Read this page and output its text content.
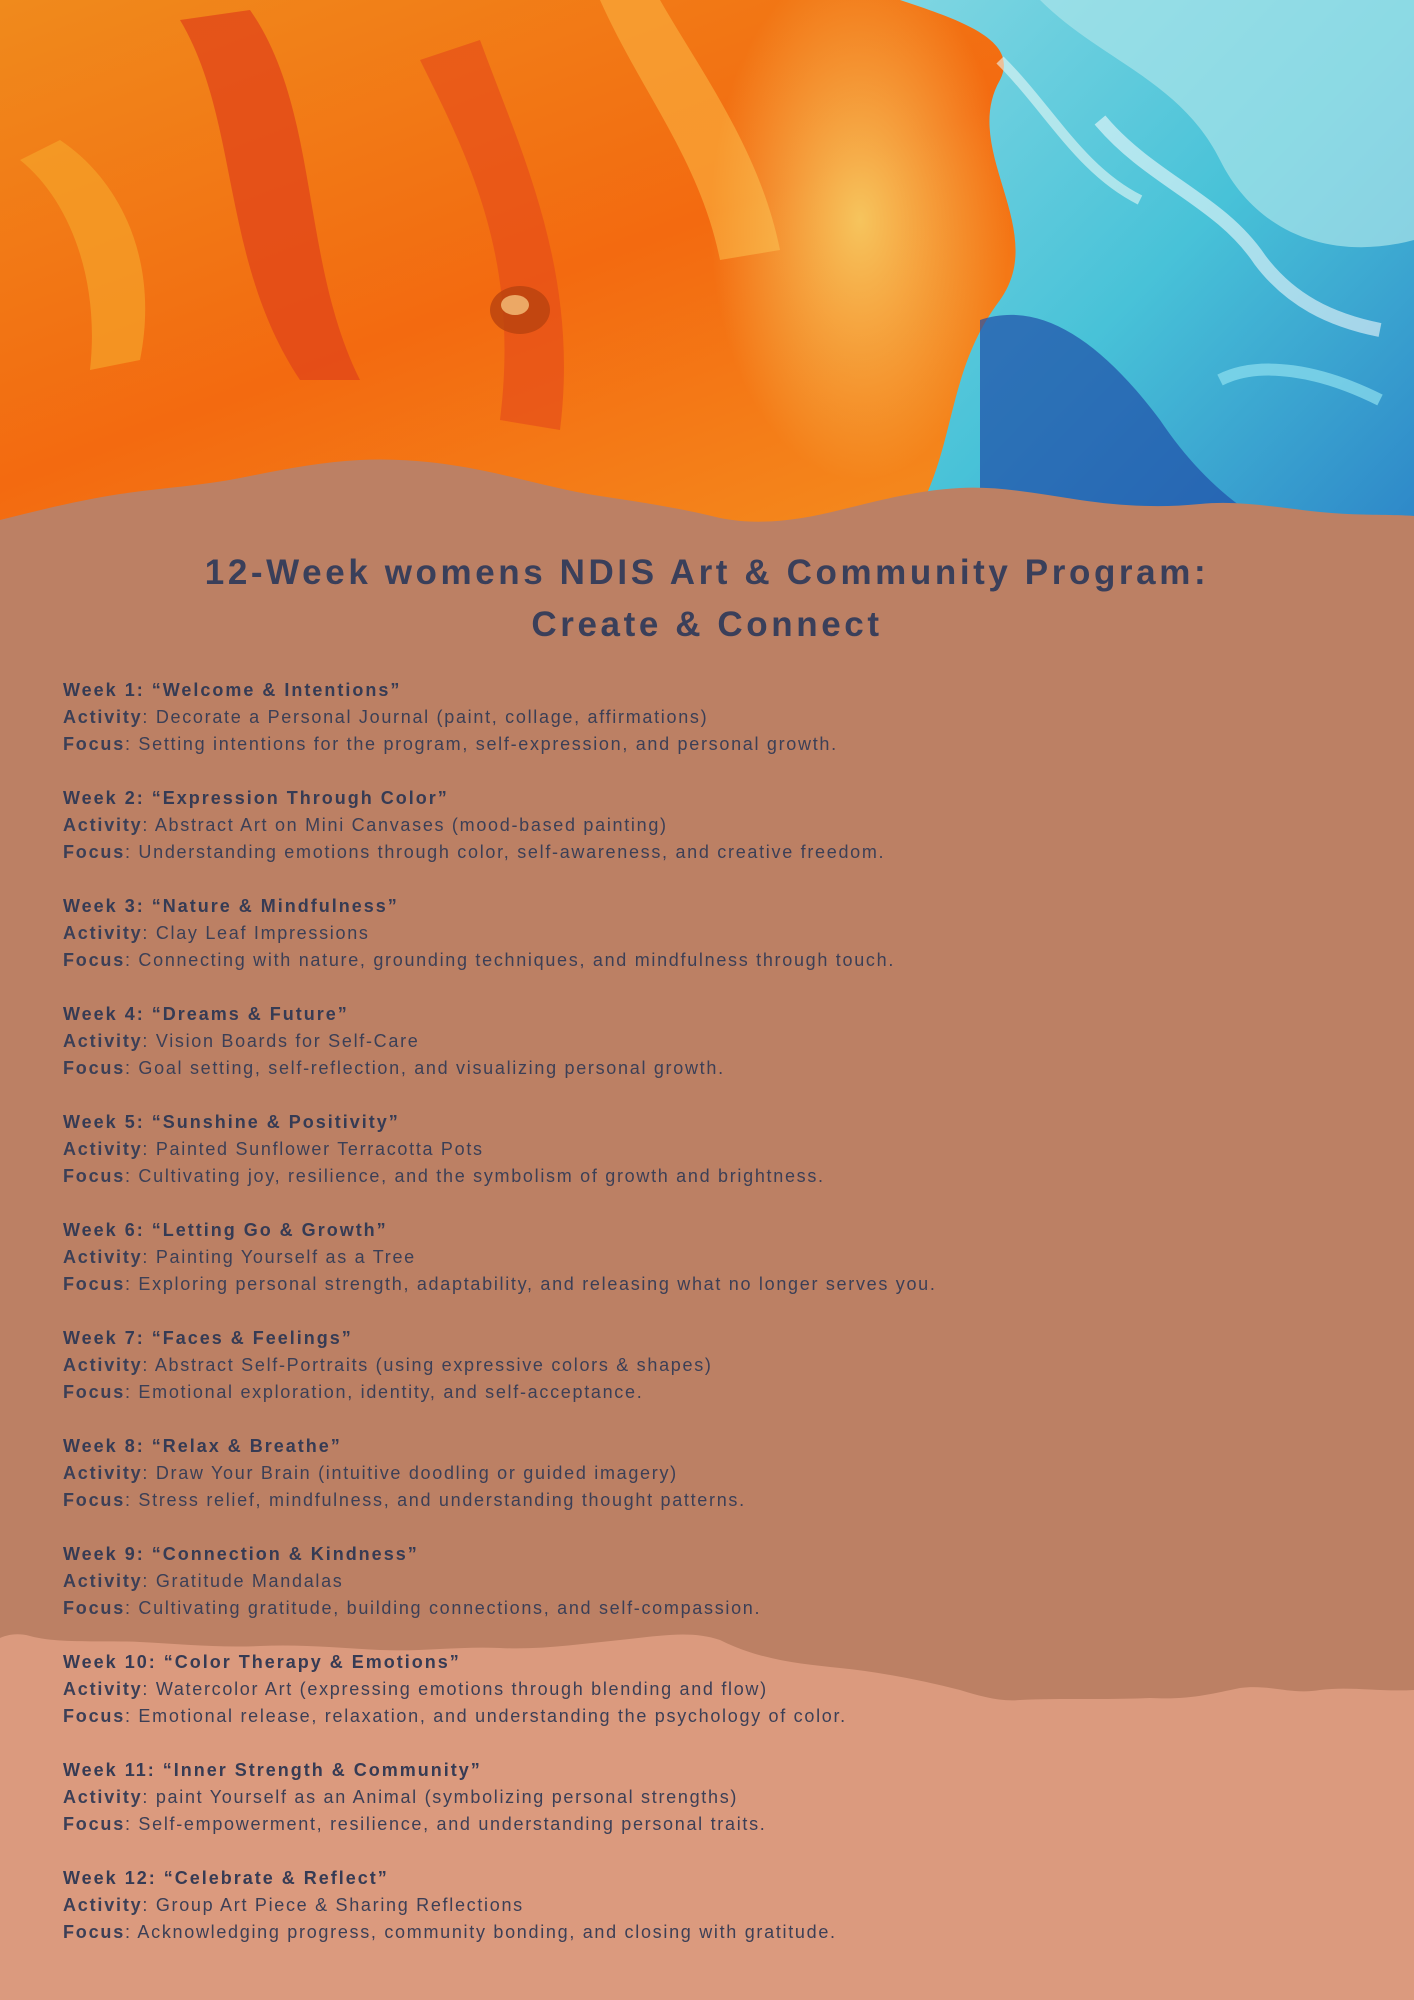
12-Week womens NDIS Art & Community Program:
Create & Connect
Week 1: “Welcome & Intentions”
Activity: Decorate a Personal Journal (paint, collage, affirmations)
Focus: Setting intentions for the program, self-expression, and personal growth.
Week 2: “Expression Through Color”
Activity: Abstract Art on Mini Canvases (mood-based painting)
Focus: Understanding emotions through color, self-awareness, and creative freedom.
Week 3: “Nature & Mindfulness”
Activity: Clay Leaf Impressions
Focus: Connecting with nature, grounding techniques, and mindfulness through touch.
Week 4: “Dreams & Future”
Activity: Vision Boards for Self-Care
Focus: Goal setting, self-reflection, and visualizing personal growth.
Week 5: “Sunshine & Positivity”
Activity: Painted Sunflower Terracotta Pots
Focus: Cultivating joy, resilience, and the symbolism of growth and brightness.
Week 6: “Letting Go & Growth”
Activity: Painting Yourself as a Tree
Focus: Exploring personal strength, adaptability, and releasing what no longer serves you.
Week 7: “Faces & Feelings”
Activity: Abstract Self-Portraits (using expressive colors & shapes)
Focus: Emotional exploration, identity, and self-acceptance.
Week 8: “Relax & Breathe”
Activity: Draw Your Brain (intuitive doodling or guided imagery)
Focus: Stress relief, mindfulness, and understanding thought patterns.
Week 9: “Connection & Kindness”
Activity: Gratitude Mandalas
Focus: Cultivating gratitude, building connections, and self-compassion.
Week 10: “Color Therapy & Emotions”
Activity: Watercolor Art (expressing emotions through blending and flow)
Focus: Emotional release, relaxation, and understanding the psychology of color.
Week 11: “Inner Strength & Community”
Activity: paint Yourself as an Animal (symbolizing personal strengths)
Focus: Self-empowerment, resilience, and understanding personal traits.
Week 12: “Celebrate & Reflect”
Activity: Group Art Piece & Sharing Reflections
Focus: Acknowledging progress, community bonding, and closing with gratitude.
